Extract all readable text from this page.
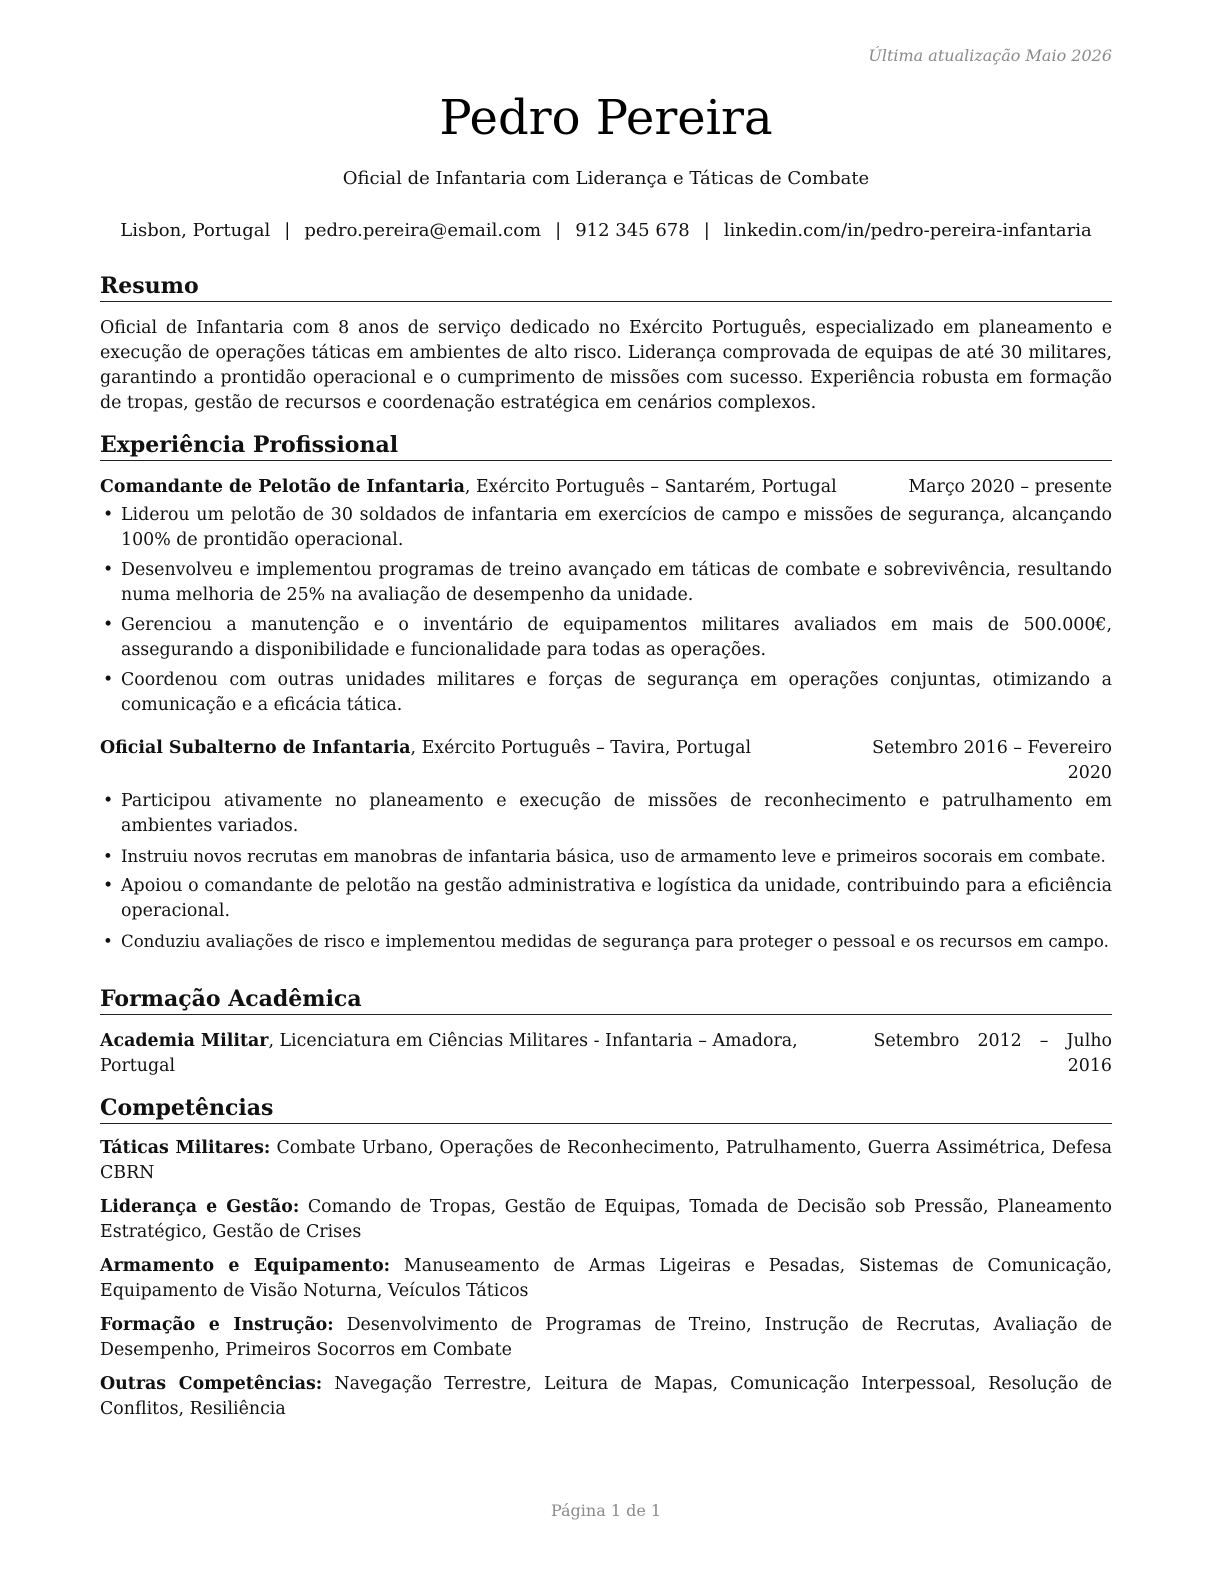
Última atualização Maio 2026
Pedro Pereira
Oficial de Infantaria com Liderança e Táticas de Combate
Lisbon, Portugal | pedro.pereira@email.com | 912 345 678 | linkedin.com/in/pedro-pereira-infantaria
Resumo
Oficial de Infantaria com 8 anos de serviço dedicado no Exército Português, especializado em planeamento e execução de operações táticas em ambientes de alto risco. Liderança comprovada de equipas de até 30 militares, garantindo a prontidão operacional e o cumprimento de missões com sucesso. Experiência robusta em formação de tropas, gestão de recursos e coordenação estratégica em cenários complexos.
Experiência Profissional
Comandante de Pelotão de Infantaria, Exército Português – Santarém, Portugal	Março 2020 – presente
• Liderou um pelotão de 30 soldados de infantaria em exercícios de campo e missões de segurança, alcançando 100% de prontidão operacional.
• Desenvolveu e implementou programas de treino avançado em táticas de combate e sobrevivência, resultando numa melhoria de 25% na avaliação de desempenho da unidade.
• Gerenciou a manutenção e o inventário de equipamentos militares avaliados em mais de 500.000€, assegurando a disponibilidade e funcionalidade para todas as operações.
• Coordenou com outras unidades militares e forças de segurança em operações conjuntas, otimizando a comunicação e a eficácia tática.
Oficial Subalterno de Infantaria, Exército Português – Tavira, Portugal	Setembro 2016 – Fevereiro 2020
• Participou ativamente no planeamento e execução de missões de reconhecimento e patrulhamento em ambientes variados.
• Instruiu novos recrutas em manobras de infantaria básica, uso de armamento leve e primeiros socorais em combate.
• Apoiou o comandante de pelotão na gestão administrativa e logística da unidade, contribuindo para a eficiência operacional.
• Conduziu avaliações de risco e implementou medidas de segurança para proteger o pessoal e os recursos em campo.
Formação Acadêmica
Academia Militar, Licenciatura em Ciências Militares - Infantaria – Amadora, Portugal
Setembro 2012 – Julho 2016
Competências
Táticas Militares: Combate Urbano, Operações de Reconhecimento, Patrulhamento, Guerra Assimétrica, Defesa CBRN
Liderança e Gestão: Comando de Tropas, Gestão de Equipas, Tomada de Decisão sob Pressão, Planeamento Estratégico, Gestão de Crises
Armamento e Equipamento: Manuseamento de Armas Ligeiras e Pesadas, Sistemas de Comunicação, Equipamento de Visão Noturna, Veículos Táticos
Formação e Instrução: Desenvolvimento de Programas de Treino, Instrução de Recrutas, Avaliação de Desempenho, Primeiros Socorros em Combate
Outras Competências: Navegação Terrestre, Leitura de Mapas, Comunicação Interpessoal, Resolução de Conflitos, Resiliência
Página 1 de 1
